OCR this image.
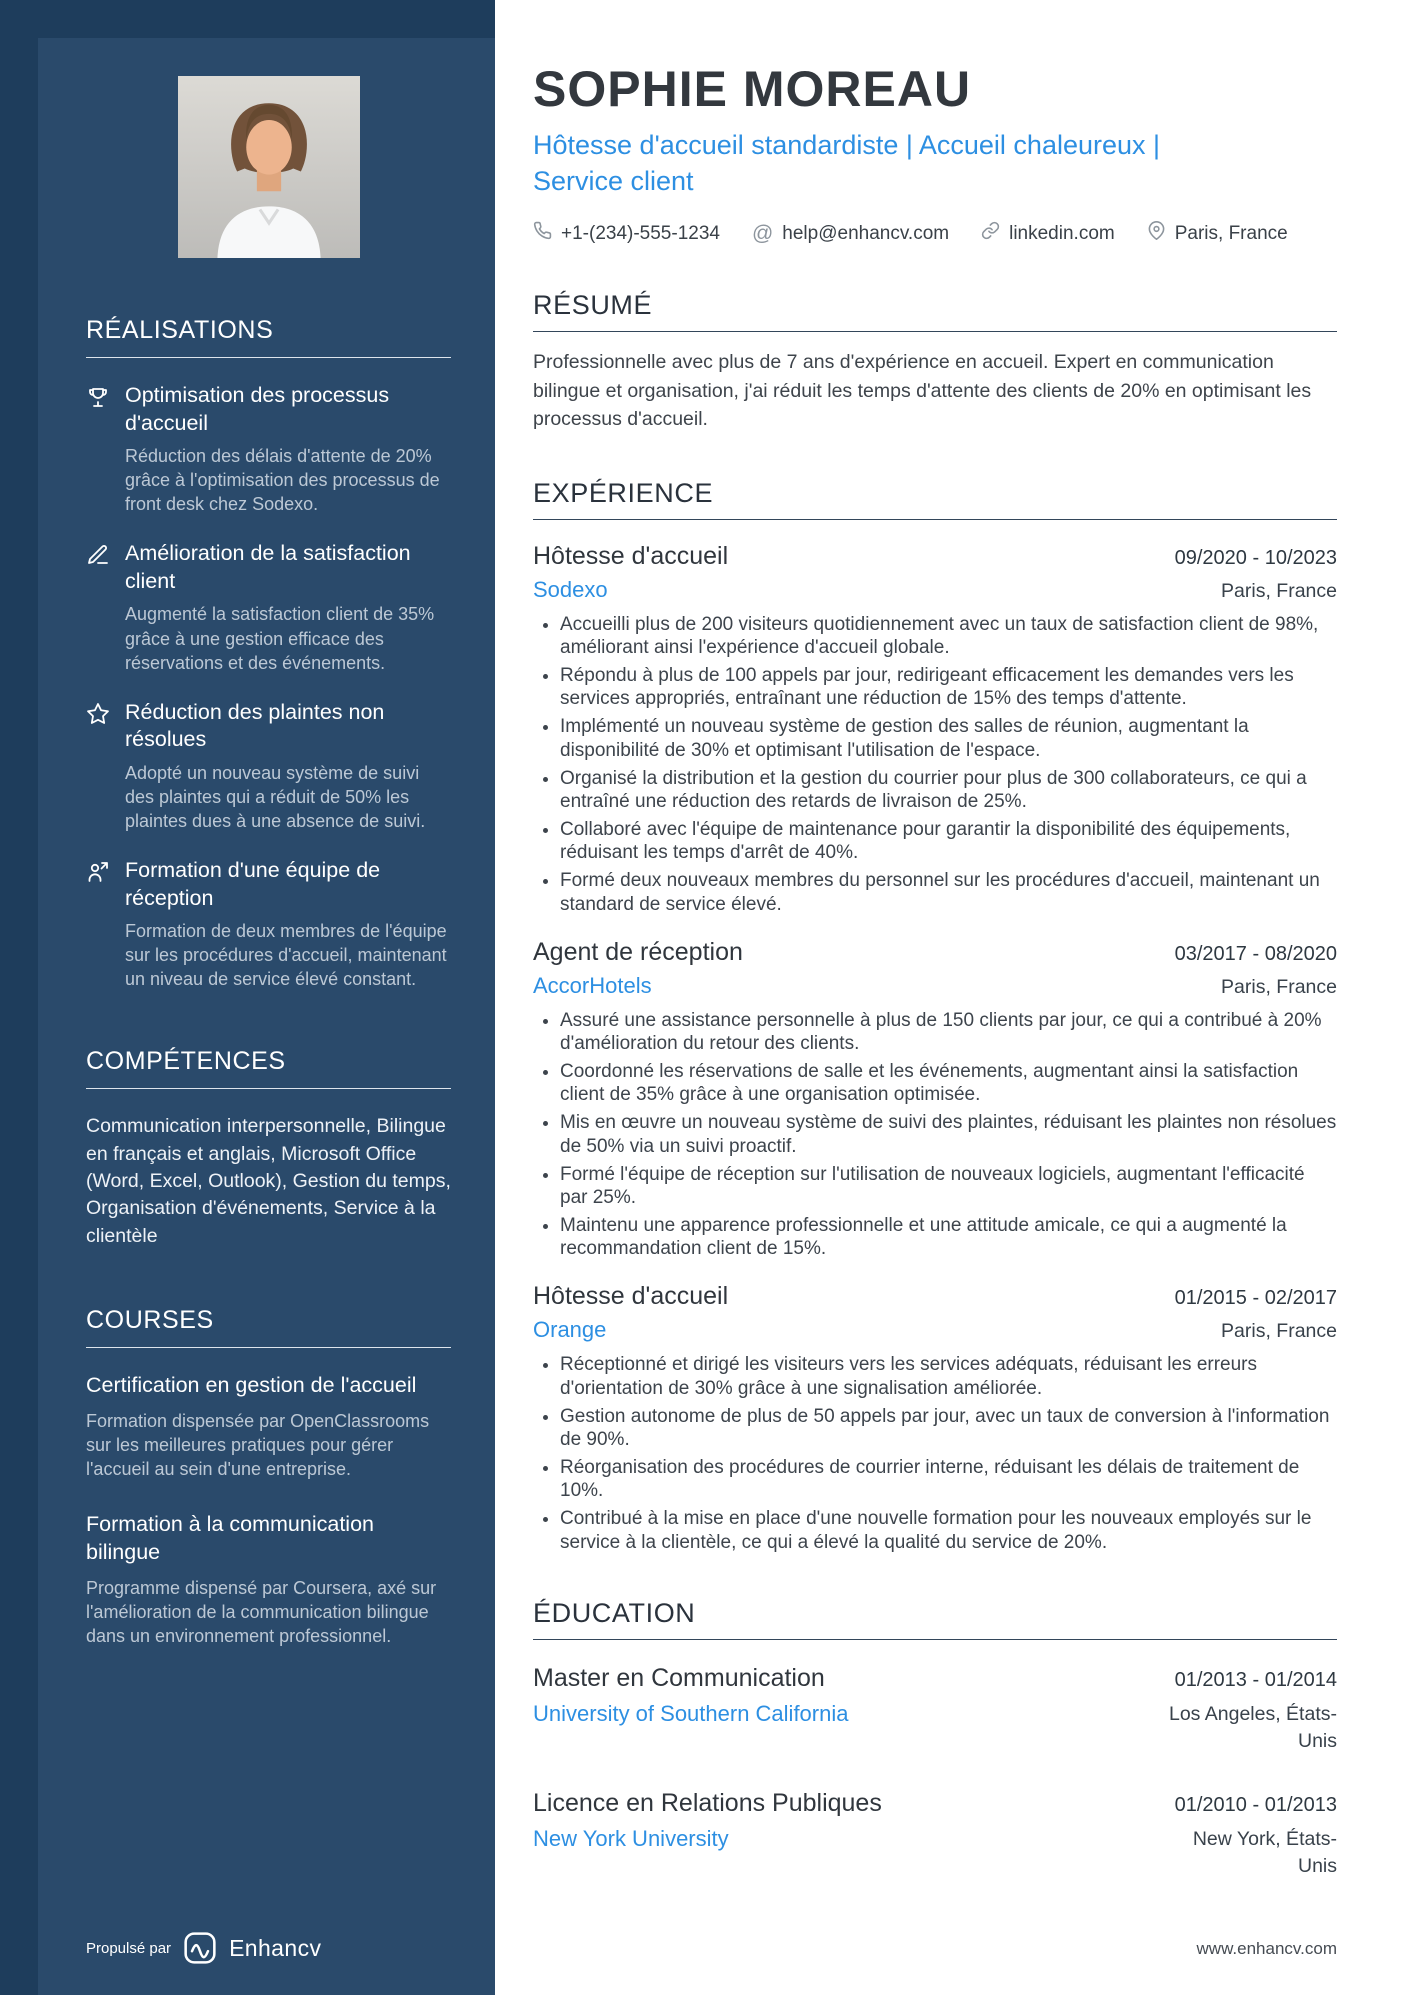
RÉALISATIONS
Optimisation des processus d'accueil
Réduction des délais d'attente de 20% grâce à l'optimisation des processus de front desk chez Sodexo.
Amélioration de la satisfaction client
Augmenté la satisfaction client de 35% grâce à une gestion efficace des réservations et des événements.
Réduction des plaintes non résolues
Adopté un nouveau système de suivi des plaintes qui a réduit de 50% les plaintes dues à une absence de suivi.
Formation d'une équipe de réception
Formation de deux membres de l'équipe sur les procédures d'accueil, maintenant un niveau de service élevé constant.
COMPÉTENCES

Communication interpersonnelle, Bilingue en français et anglais, Microsoft Office (Word, Excel, Outlook), Gestion du temps, Organisation d'événements, Service à la clientèle

COURSES
Certification en gestion de l'accueil
Formation dispensée par OpenClassrooms sur les meilleures pratiques pour gérer l'accueil au sein d'une entreprise.
Formation à la communication bilingue
Programme dispensé par Coursera, axé sur l'amélioration de la communication bilingue dans un environnement professionnel.
Propulsé par	Enhancv
SOPHIE MOREAU
Hôtesse d'accueil standardiste | Accueil chaleureux | Service client
+1-(234)-555-1234 @ help@enhancv.com	linkedin.com	Paris, France
RÉSUMÉ

Professionnelle avec plus de 7 ans d'expérience en accueil. Expert en communication bilingue et organisation, j'ai réduit les temps d'attente des clients de 20% en optimisant les processus d'accueil.

EXPÉRIENCE
Hôtesse d'accueil	09/2020 - 10/2023
Sodexo	Paris, France
• Accueilli plus de 200 visiteurs quotidiennement avec un taux de satisfaction client de 98%, améliorant ainsi l'expérience d'accueil globale.
• Répondu à plus de 100 appels par jour, redirigeant efficacement les demandes vers les services appropriés, entraînant une réduction de 15% des temps d'attente.
• Implémenté un nouveau système de gestion des salles de réunion, augmentant la disponibilité de 30% et optimisant l'utilisation de l'espace.
• Organisé la distribution et la gestion du courrier pour plus de 300 collaborateurs, ce qui a entraîné une réduction des retards de livraison de 25%.
• Collaboré avec l'équipe de maintenance pour garantir la disponibilité des équipements, réduisant les temps d'arrêt de 40%.
• Formé deux nouveaux membres du personnel sur les procédures d'accueil, maintenant un standard de service élevé.
Agent de réception	03/2017 - 08/2020
AccorHotels	Paris, France
• Assuré une assistance personnelle à plus de 150 clients par jour, ce qui a contribué à 20% d'amélioration du retour des clients.
• Coordonné les réservations de salle et les événements, augmentant ainsi la satisfaction client de 35% grâce à une organisation optimisée.
• Mis en œuvre un nouveau système de suivi des plaintes, réduisant les plaintes non résolues de 50% via un suivi proactif.
• Formé l'équipe de réception sur l'utilisation de nouveaux logiciels, augmentant l'efficacité par 25%.
• Maintenu une apparence professionnelle et une attitude amicale, ce qui a augmenté la recommandation client de 15%.
Hôtesse d'accueil	01/2015 - 02/2017
Orange	Paris, France
• Réceptionné et dirigé les visiteurs vers les services adéquats, réduisant les erreurs d'orientation de 30% grâce à une signalisation améliorée.
• Gestion autonome de plus de 50 appels par jour, avec un taux de conversion à l'information de 90%.
• Réorganisation des procédures de courrier interne, réduisant les délais de traitement de 10%.
• Contribué à la mise en place d'une nouvelle formation pour les nouveaux employés sur le service à la clientèle, ce qui a élevé la qualité du service de 20%.
ÉDUCATION
Master en Communication	01/2013 - 01/2014
University of Southern California	Los Angeles, États-Unis
Licence en Relations Publiques	01/2010 - 01/2013
New York University	New York, États-Unis
www.enhancv.com
